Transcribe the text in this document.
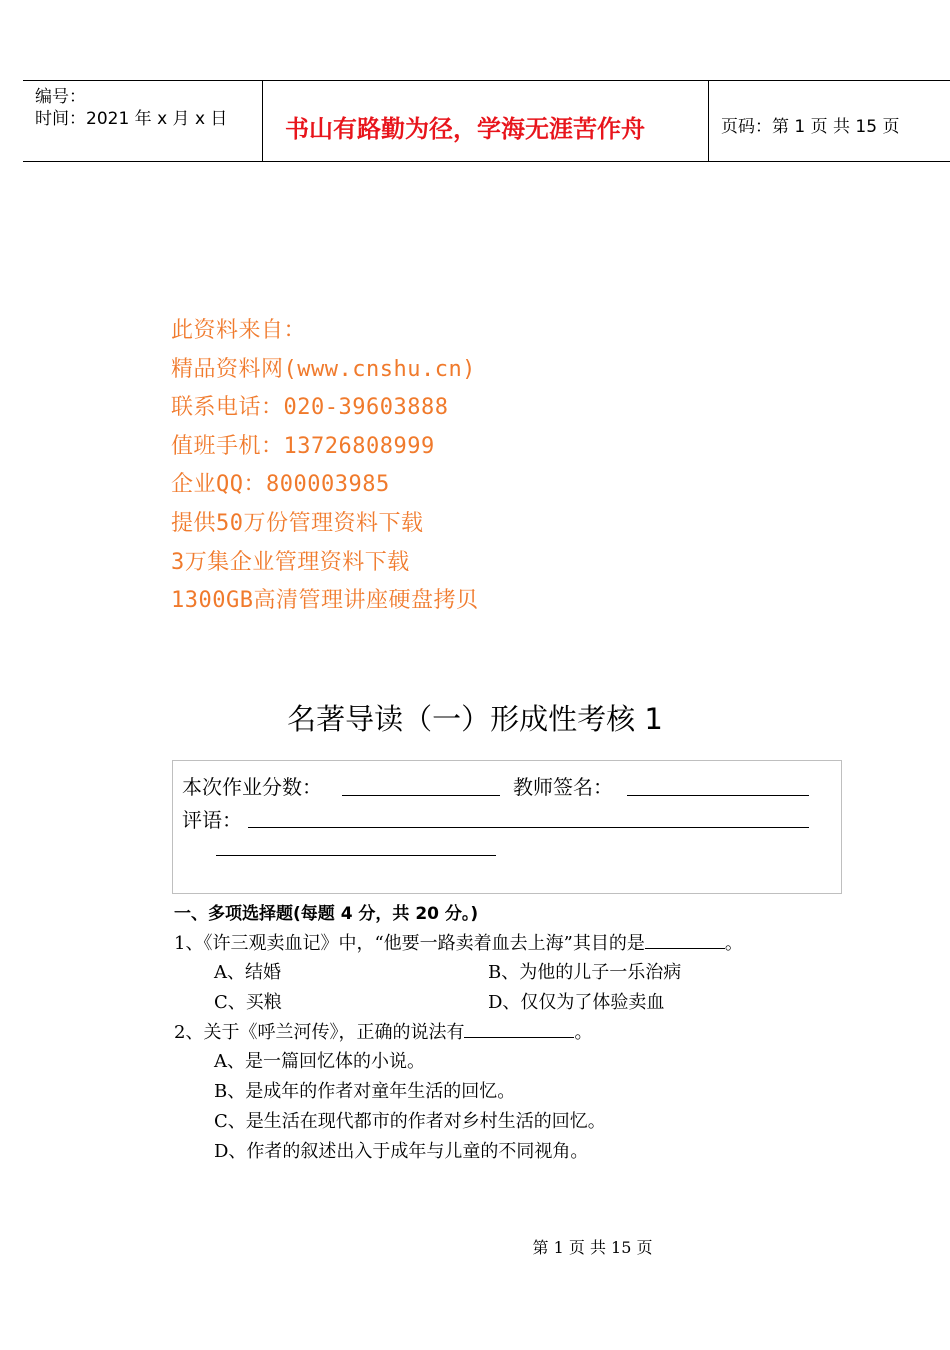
编号：
时间：2021 年 x 月 x 日 书山有路勤为径，学海无涯苦作舟	页码：第 1 页 共 15 页
此资料来自：
精品资料网(www.cnshu.cn)
联系电话：020-39603888
值班手机：13726808999
企业QQ：800003985
提供50万份管理资料下载
3万集企业管理资料下载
1300GB高清管理讲座硬盘拷贝
名著导读（一）形成性考核 1
本次作业分数：	教师签名：
评语：
一、多项选择题(每题 4 分，共 20 分。)
1、《许三观卖血记》中，“他要一路卖着血去上海”其目的是	。
A、结婚	B、为他的儿子一乐治病
C、买粮	D、仅仅为了体验卖血
2、关于《呼兰河传》，正确的说法有	。
A、是一篇回忆体的小说。
B、是成年的作者对童年生活的回忆。
C、是生活在现代都市的作者对乡村生活的回忆。
D、作者的叙述出入于成年与儿童的不同视角。
第 1 页 共 15 页
